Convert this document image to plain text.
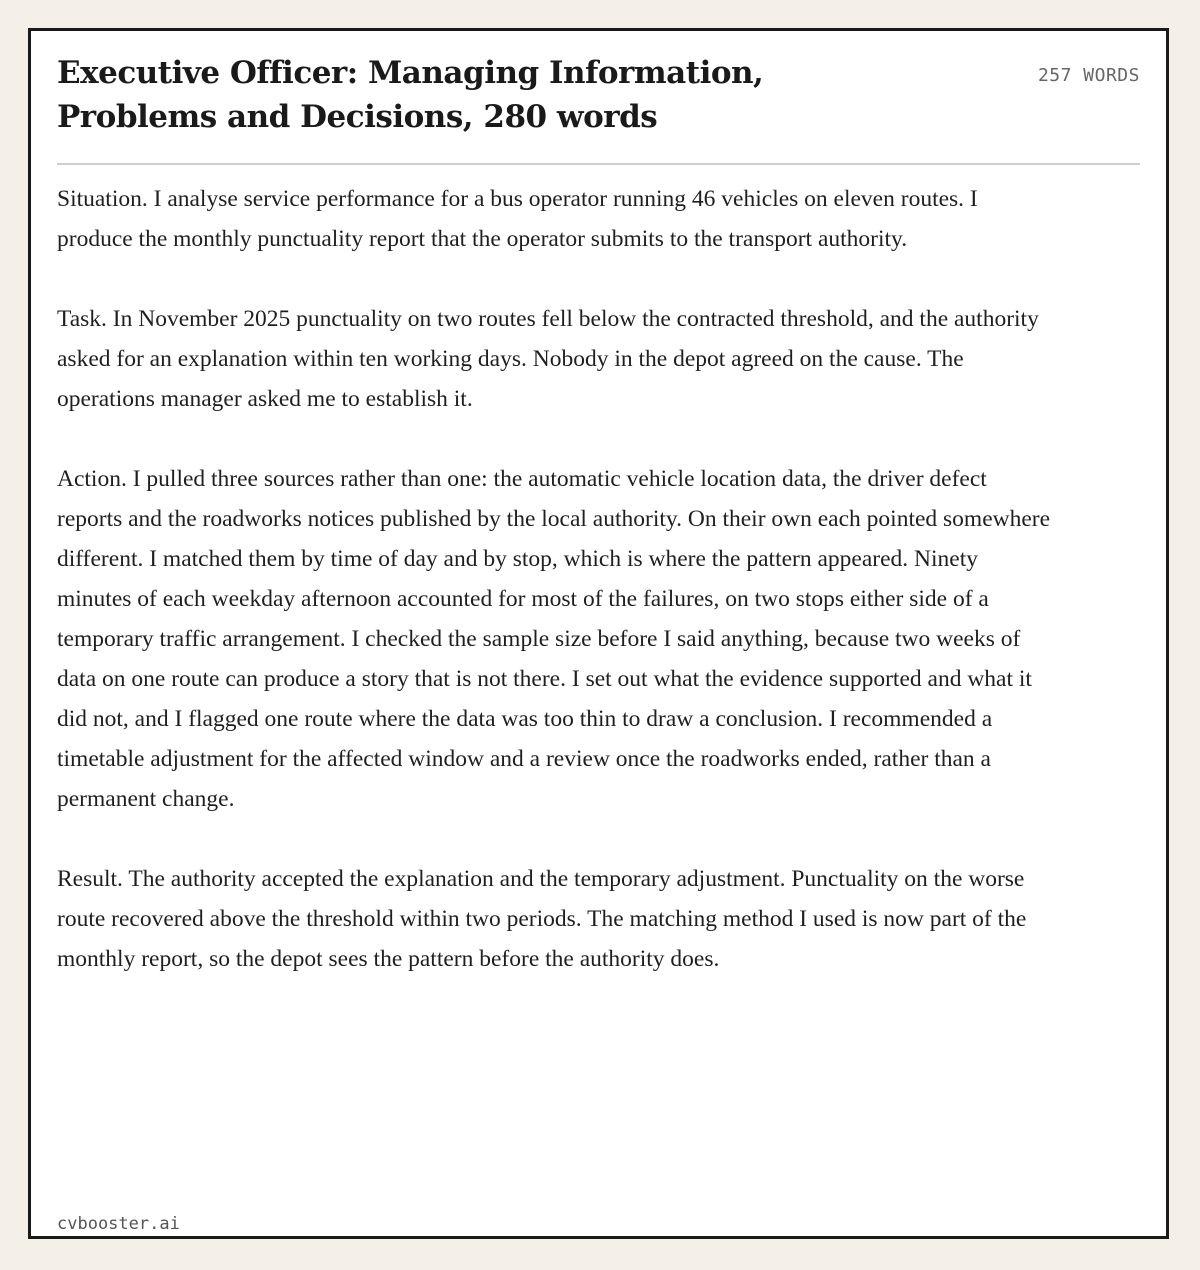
Executive Officer: Managing Information, Problems and Decisions, 280 words
257 WORDS

Situation. I analyse service performance for a bus operator running 46 vehicles on eleven routes. I produce the monthly punctuality report that the operator submits to the transport authority.

Task. In November 2025 punctuality on two routes fell below the contracted threshold, and the authority asked for an explanation within ten working days. Nobody in the depot agreed on the cause. The operations manager asked me to establish it.

Action. I pulled three sources rather than one: the automatic vehicle location data, the driver defect reports and the roadworks notices published by the local authority. On their own each pointed somewhere different. I matched them by time of day and by stop, which is where the pattern appeared. Ninety minutes of each weekday afternoon accounted for most of the failures, on two stops either side of a temporary traffic arrangement. I checked the sample size before I said anything, because two weeks of data on one route can produce a story that is not there. I set out what the evidence supported and what it did not, and I flagged one route where the data was too thin to draw a conclusion. I recommended a timetable adjustment for the affected window and a review once the roadworks ended, rather than a permanent change.

Result. The authority accepted the explanation and the temporary adjustment. Punctuality on the worse route recovered above the threshold within two periods. The matching method I used is now part of the monthly report, so the depot sees the pattern before the authority does.

cvbooster.ai
